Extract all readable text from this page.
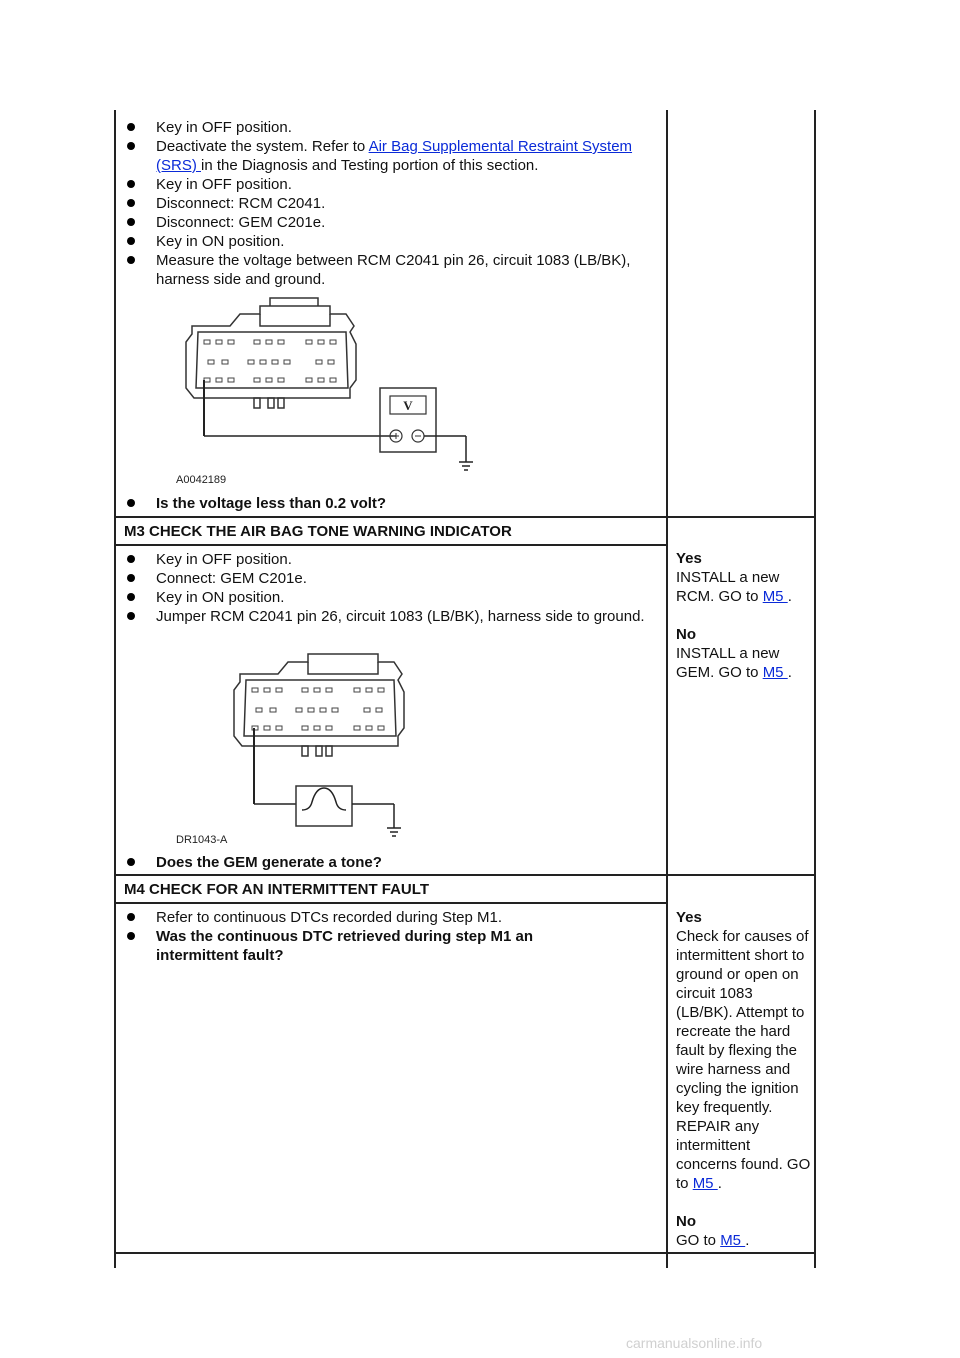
Key in OFF position.
Deactivate the system. Refer to Air Bag Supplemental Restraint System (SRS) in the Diagnosis and Testing portion of this section.
Key in OFF position.
Disconnect: RCM C2041.
Disconnect: GEM C201e.
Key in ON position.
Measure the voltage between RCM C2041 pin 26, circuit 1083 (LB/BK), harness side and ground.
V
A0042189
Is the voltage less than 0.2 volt?
M3 CHECK THE AIR BAG TONE WARNING INDICATOR
Key in OFF position.
Connect: GEM C201e.
Key in ON position.
Jumper RCM C2041 pin 26, circuit 1083 (LB/BK), harness side to ground.
DR1043-A
Does the GEM generate a tone?
Yes
INSTALL a new RCM. GO to M5 .
No
INSTALL a new GEM. GO to M5 .
M4 CHECK FOR AN INTERMITTENT FAULT
Refer to continuous DTCs recorded during Step M1.
Was the continuous DTC retrieved during step M1 an intermittent fault?
Yes
Check for causes of intermittent short to ground or open on circuit 1083 (LB/BK). Attempt to recreate the hard fault by flexing the wire harness and cycling the ignition key frequently. REPAIR any intermittent concerns found. GO to M5 .
No
GO to M5 .
carmanualsonline.info
